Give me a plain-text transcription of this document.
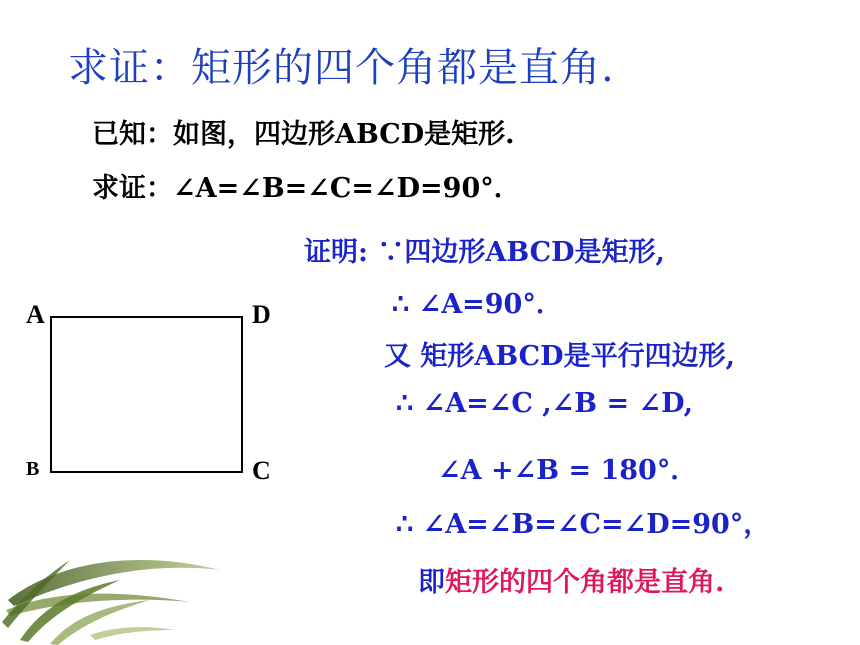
求证：矩形的四个角都是直角.
已知：如图，四边形ABCD是矩形.
求证：∠A=∠B=∠C=∠D=90°．
A	D
B	C
证明: ∵四边形ABCD是矩形,
∴ ∠A=90°．
又 矩形ABCD是平行四边形,
∴ ∠A=∠C ,∠B = ∠D,
∠A +∠B = 180°．
∴ ∠A=∠B=∠C=∠D=90°，
即矩形的四个角都是直角.
